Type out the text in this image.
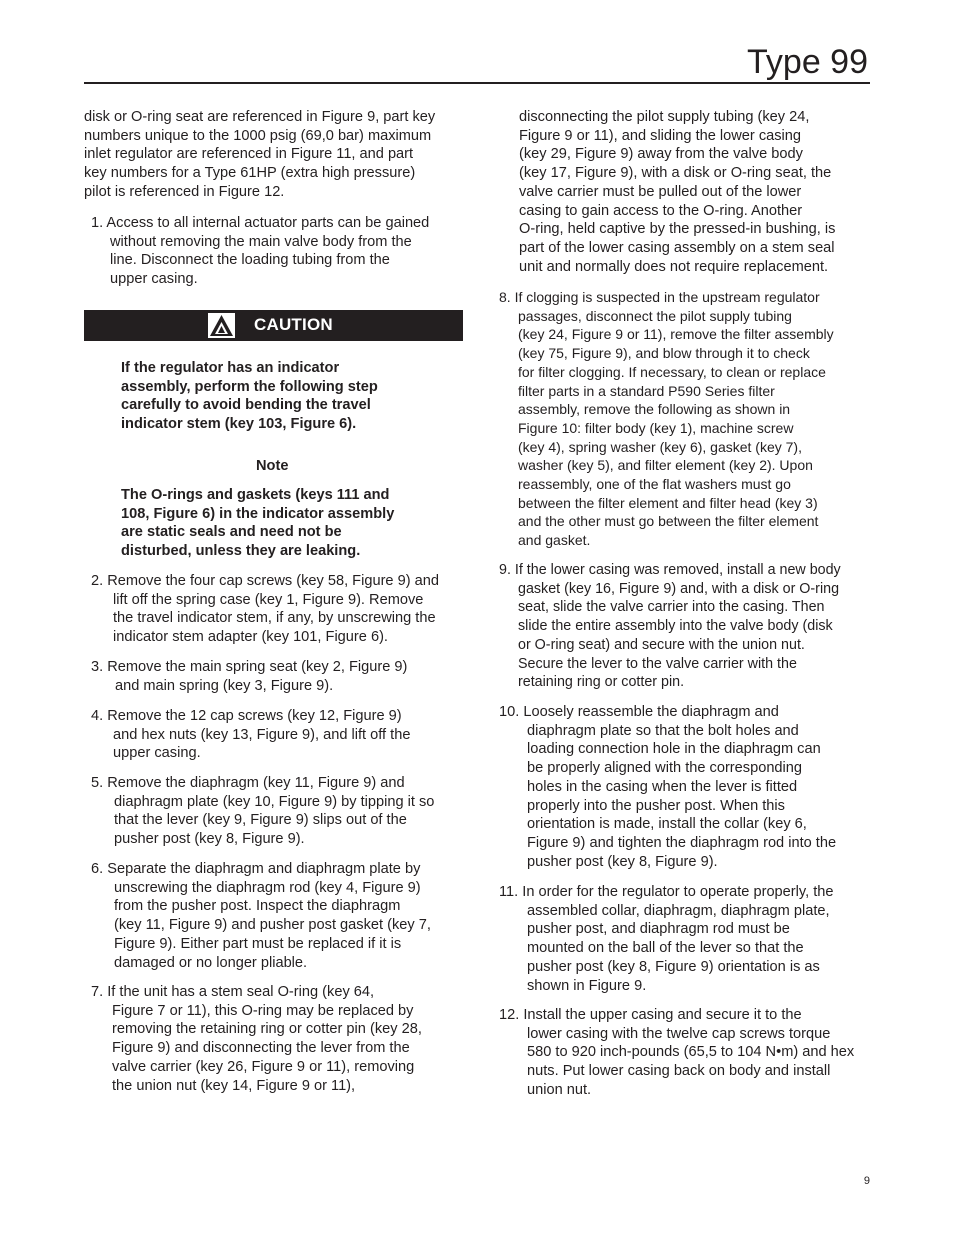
Type 99
disk or O-ring seat are referenced in Figure 9, part key
numbers unique to the 1000 psig (69,0 bar) maximum
inlet regulator are referenced in Figure 11, and part
key numbers for a Type 61HP (extra high pressure)
pilot is referenced in Figure 12.
1. Access to all internal actuator parts can be gained
without removing the main valve body from the
line. Disconnect the loading tubing from the
upper casing.
CAUTION
If the regulator has an indicator
assembly, perform the following step
carefully to avoid bending the travel
indicator stem (key 103, Figure 6).
Note
The O-rings and gaskets (keys 111 and
108, Figure 6) in the indicator assembly
are static seals and need not be
disturbed, unless they are leaking.
2. Remove the four cap screws (key 58, Figure 9) and
lift off the spring case (key 1, Figure 9). Remove
the travel indicator stem, if any, by unscrewing the
indicator stem adapter (key 101, Figure 6).
3. Remove the main spring seat (key 2, Figure 9)
and main spring (key 3, Figure 9).
4. Remove the 12 cap screws (key 12, Figure 9)
and hex nuts (key 13, Figure 9), and lift off the
upper casing.
5. Remove the diaphragm (key 11, Figure 9) and
diaphragm plate (key 10, Figure 9) by tipping it so
that the lever (key 9, Figure 9) slips out of the
pusher post (key 8, Figure 9).
6. Separate the diaphragm and diaphragm plate by
unscrewing the diaphragm rod (key 4, Figure 9)
from the pusher post. Inspect the diaphragm
(key 11, Figure 9) and pusher post gasket (key 7,
Figure 9). Either part must be replaced if it is
damaged or no longer pliable.
7. If the unit has a stem seal O-ring (key 64,
Figure 7 or 11), this O-ring may be replaced by
removing the retaining ring or cotter pin (key 28,
Figure 9) and disconnecting the lever from the
valve carrier (key 26, Figure 9 or 11), removing
the union nut (key 14, Figure 9 or 11),
disconnecting the pilot supply tubing (key 24,
Figure 9 or 11), and sliding the lower casing
(key 29, Figure 9) away from the valve body
(key 17, Figure 9), with a disk or O-ring seat, the
valve carrier must be pulled out of the lower
casing to gain access to the O-ring. Another
O-ring, held captive by the pressed-in bushing, is
part of the lower casing assembly on a stem seal
unit and normally does not require replacement.
8. If clogging is suspected in the upstream regulator
passages, disconnect the pilot supply tubing
(key 24, Figure 9 or 11), remove the filter assembly
(key 75, Figure 9), and blow through it to check
for filter clogging. If necessary, to clean or replace
filter parts in a standard P590 Series filter
assembly, remove the following as shown in
Figure 10: filter body (key 1), machine screw
(key 4), spring washer (key 6), gasket (key 7),
washer (key 5), and filter element (key 2). Upon
reassembly, one of the flat washers must go
between the filter element and filter head (key 3)
and the other must go between the filter element
and gasket.
9. If the lower casing was removed, install a new body
gasket (key 16, Figure 9) and, with a disk or O-ring
seat, slide the valve carrier into the casing. Then
slide the entire assembly into the valve body (disk
or O-ring seat) and secure with the union nut.
Secure the lever to the valve carrier with the
retaining ring or cotter pin.
10. Loosely reassemble the diaphragm and
diaphragm plate so that the bolt holes and
loading connection hole in the diaphragm can
be properly aligned with the corresponding
holes in the casing when the lever is fitted
properly into the pusher post. When this
orientation is made, install the collar (key 6,
Figure 9) and tighten the diaphragm rod into the
pusher post (key 8, Figure 9).
11. In order for the regulator to operate properly, the
assembled collar, diaphragm, diaphragm plate,
pusher post, and diaphragm rod must be
mounted on the ball of the lever so that the
pusher post (key 8, Figure 9) orientation is as
shown in Figure 9.
12. Install the upper casing and secure it to the
lower casing with the twelve cap screws torque
580 to 920 inch-pounds (65,5 to 104 N•m) and hex
nuts. Put lower casing back on body and install
union nut.
9
